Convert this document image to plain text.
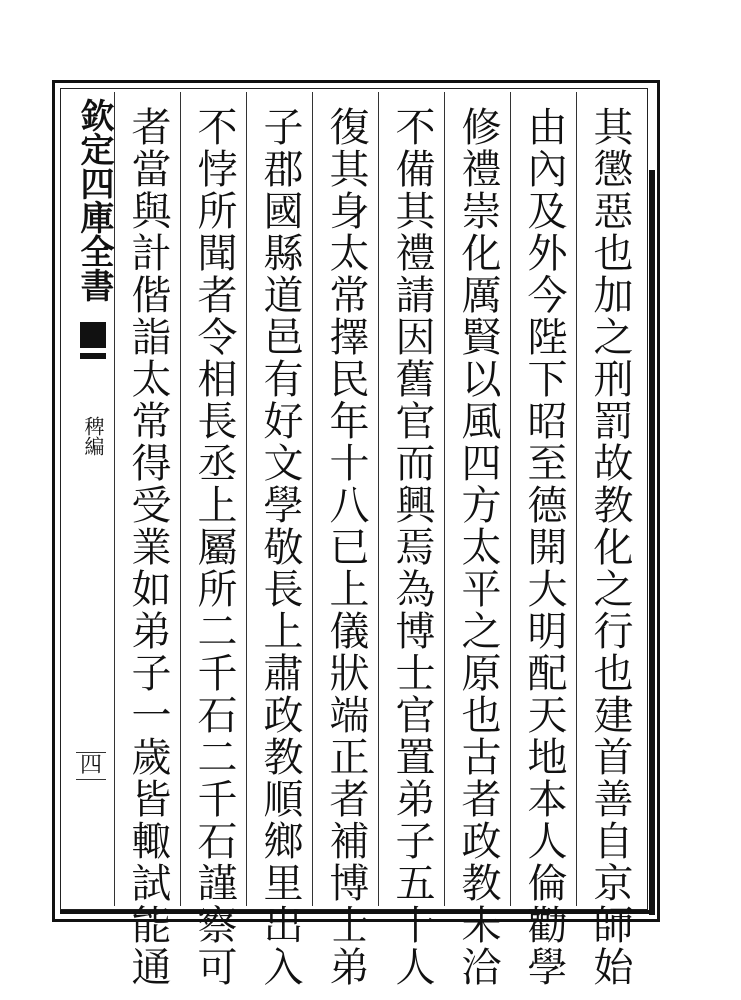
欽定四庫全書
稗編
四	其懲惡也加之刑罰故教化之行也建首善自京師始
由內及外今陛下昭至德開大明配天地本人倫勸學
修禮崇化厲賢以風四方太平之原也古者政教未洽
不備其禮請因舊官而興焉為博士官置弟子五十人
復其身太常擇民年十八已上儀狀端正者補博士弟
子郡國縣道邑有好文學敬長上肅政教順鄉里出入
不悖所聞者令相長丞上屬所二千石二千石謹察可
者當與計偕詣太常得受業如弟子一歲皆輙試能通
